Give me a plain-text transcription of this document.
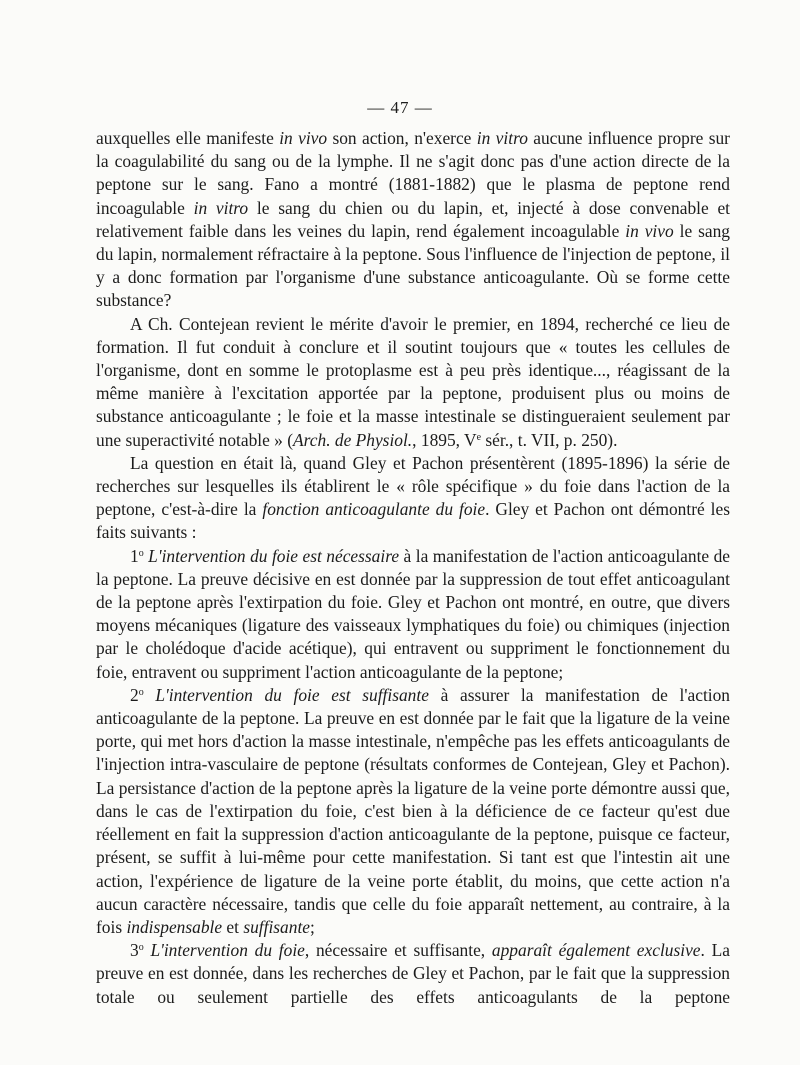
— 47 —

auxquelles elle manifeste in vivo son action, n'exerce in vitro aucune influence propre sur la coagulabilité du sang ou de la lymphe. Il ne s'agit donc pas d'une action directe de la peptone sur le sang. Fano a montré (1881-1882) que le plasma de peptone rend incoagulable in vitro le sang du chien ou du lapin, et, injecté à dose convenable et relativement faible dans les veines du lapin, rend également incoagulable in vivo le sang du lapin, normalement réfractaire à la peptone. Sous l'influence de l'injection de peptone, il y a donc formation par l'organisme d'une substance anticoagulante. Où se forme cette substance?

A Ch. Contejean revient le mérite d'avoir le premier, en 1894, recherché ce lieu de formation. Il fut conduit à conclure et il soutint toujours que « toutes les cellules de l'organisme, dont en somme le protoplasme est à peu près identique..., réagissant de la même manière à l'excitation apportée par la peptone, produisent plus ou moins de substance anticoagulante ; le foie et la masse intestinale se distingueraient seulement par une superactivité notable » (Arch. de Physiol., 1895, Ve sér., t. VII, p. 250).

La question en était là, quand Gley et Pachon présentèrent (1895-1896) la série de recherches sur lesquelles ils établirent le « rôle spécifique » du foie dans l'action de la peptone, c'est-à-dire la fonction anticoagulante du foie. Gley et Pachon ont démontré les faits suivants :

1$^o$ L'intervention du foie est nécessaire à la manifestation de l'action anticoagulante de la peptone. La preuve décisive en est donnée par la suppression de tout effet anticoagulant de la peptone après l'extirpation du foie. Gley et Pachon ont montré, en outre, que divers moyens mécaniques (ligature des vaisseaux lymphatiques du foie) ou chimiques (injection par le cholédoque d'acide acétique), qui entravent ou suppriment le fonctionnement du foie, entravent ou suppriment l'action anticoagulante de la peptone;

2$^o$ L'intervention du foie est suffisante à assurer la manifestation de l'action anticoagulante de la peptone. La preuve en est donnée par le fait que la ligature de la veine porte, qui met hors d'action la masse intestinale, n'empêche pas les effets anticoagulants de l'injection intra-vasculaire de peptone (résultats conformes de Contejean, Gley et Pachon). La persistance d'action de la peptone après la ligature de la veine porte démontre aussi que, dans le cas de l'extirpation du foie, c'est bien à la déficience de ce facteur qu'est due réellement en fait la suppression d'action anticoagulante de la peptone, puisque ce facteur, présent, se suffit à lui-même pour cette manifestation. Si tant est que l'intestin ait une action, l'expérience de ligature de la veine porte établit, du moins, que cette action n'a aucun caractère nécessaire, tandis que celle du foie apparaît nettement, au contraire, à la fois indispensable et suffisante;

3$^o$ L'intervention du foie, nécessaire et suffisante, apparaît également exclusive. La preuve en est donnée, dans les recherches de Gley et Pachon, par le fait que la suppression totale ou seulement partielle des effets anticoagulants de la peptone
